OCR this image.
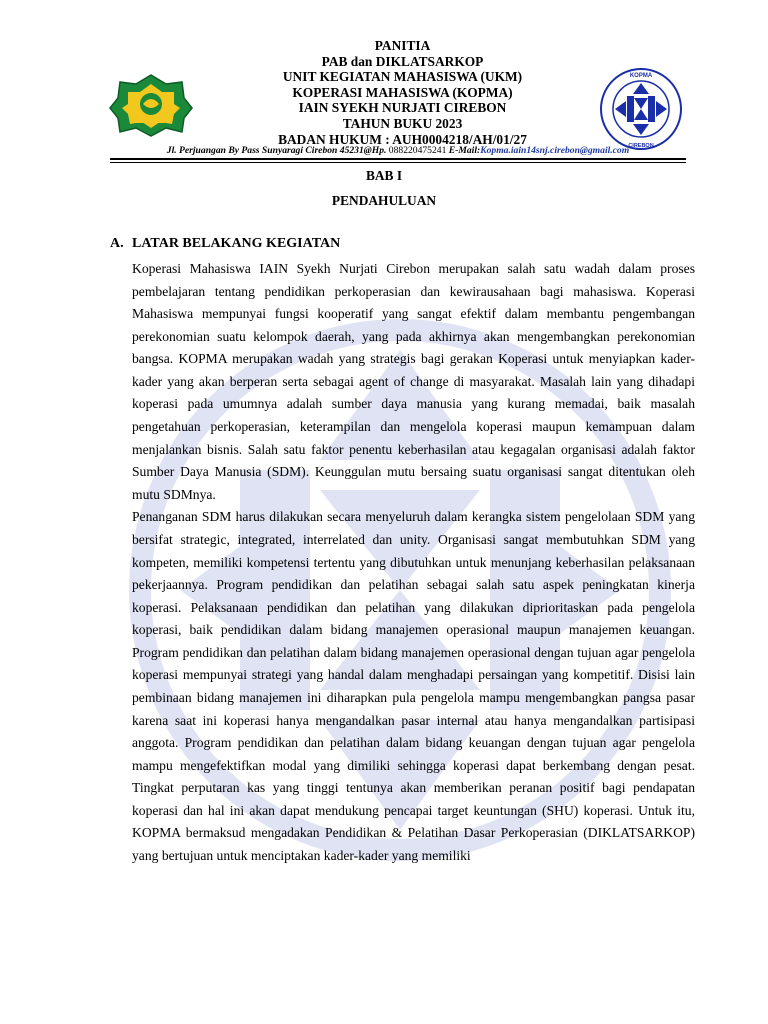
KOPMA
CIREBON
PANITIA
PAB dan DIKLATSARKOP
UNIT KEGIATAN MAHASISWA (UKM)
KOPERASI MAHASISWA (KOPMA)
IAIN SYEKH NURJATI CIREBON
TAHUN BUKU 2023
BADAN HUKUM : AUH0004218/AH/01/27
Jl. Perjuangan By Pass Sunyaragi Cirebon 45231@Hp. 088220475241 E-Mail:Kopma.iain14snj.cirebon@gmail.com
BAB I
PENDAHULUAN
A. LATAR BELAKANG KEGIATAN

Koperasi Mahasiswa IAIN Syekh Nurjati Cirebon merupakan salah satu wadah dalam proses pembelajaran tentang pendidikan perkoperasian dan kewirausahaan bagi mahasiswa. Koperasi Mahasiswa mempunyai fungsi kooperatif yang sangat efektif dalam membantu pengembangan perekonomian suatu kelompok daerah, yang pada akhirnya akan mengembangkan perekonomian bangsa. KOPMA merupakan wadah yang strategis bagi gerakan Koperasi untuk menyiapkan kader-kader yang akan berperan serta sebagai agent of change di masyarakat. Masalah lain yang dihadapi koperasi pada umumnya adalah sumber daya manusia yang kurang memadai, baik masalah pengetahuan perkoperasian, keterampilan dan mengelola koperasi maupun kemampuan dalam menjalankan bisnis. Salah satu faktor penentu keberhasilan atau kegagalan organisasi adalah faktor Sumber Daya Manusia (SDM). Keunggulan mutu bersaing suatu organisasi sangat ditentukan oleh mutu SDMnya.

Penanganan SDM harus dilakukan secara menyeluruh dalam kerangka sistem pengelolaan SDM yang bersifat strategic, integrated, interrelated dan unity. Organisasi sangat membutuhkan SDM yang kompeten, memiliki kompetensi tertentu yang dibutuhkan untuk menunjang keberhasilan pelaksanaan pekerjaannya. Program pendidikan dan pelatihan sebagai salah satu aspek peningkatan kinerja koperasi. Pelaksanaan pendidikan dan pelatihan yang dilakukan diprioritaskan pada pengelola koperasi, baik pendidikan dalam bidang manajemen operasional maupun manajemen keuangan. Program pendidikan dan pelatihan dalam bidang manajemen operasional dengan tujuan agar pengelola koperasi mempunyai strategi yang handal dalam menghadapi persaingan yang kompetitif. Disisi lain pembinaan bidang manajemen ini diharapkan pula pengelola mampu mengembangkan pangsa pasar karena saat ini koperasi hanya mengandalkan pasar internal atau hanya mengandalkan partisipasi anggota. Program pendidikan dan pelatihan dalam bidang keuangan dengan tujuan agar pengelola mampu mengefektifkan modal yang dimiliki sehingga koperasi dapat berkembang dengan pesat. Tingkat perputaran kas yang tinggi tentunya akan memberikan peranan positif bagi pendapatan koperasi dan hal ini akan dapat mendukung pencapai target keuntungan (SHU) koperasi. Untuk itu, KOPMA bermaksud mengadakan Pendidikan & Pelatihan Dasar Perkoperasian (DIKLATSARKOP) yang bertujuan untuk menciptakan kader-kader yang memiliki
